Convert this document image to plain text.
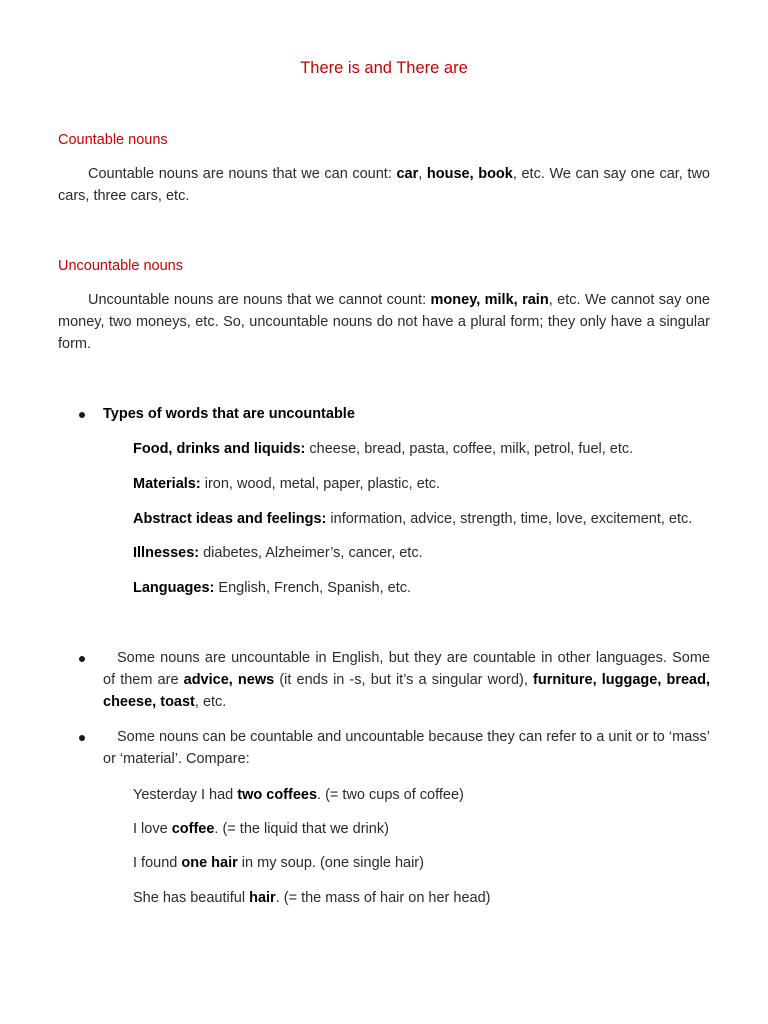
There is and There are
Countable nouns
Countable nouns are nouns that we can count: car, house, book, etc. We can say one car, two cars, three cars, etc.
Uncountable nouns
Uncountable nouns are nouns that we cannot count: money, milk, rain, etc. We cannot say one money, two moneys, etc. So, uncountable nouns do not have a plural form; they only have a singular form.
Types of words that are uncountable
Food, drinks and liquids: cheese, bread, pasta, coffee, milk, petrol, fuel, etc.
Materials: iron, wood, metal, paper, plastic, etc.
Abstract ideas and feelings: information, advice, strength, time, love, excitement, etc.
Illnesses: diabetes, Alzheimer’s, cancer, etc.
Languages: English, French, Spanish, etc.
Some nouns are uncountable in English, but they are countable in other languages. Some of them are advice, news (it ends in -s, but it’s a singular word), furniture, luggage, bread, cheese, toast, etc.
Some nouns can be countable and uncountable because they can refer to a unit or to ‘mass’ or ‘material’. Compare:
Yesterday I had two coffees. (= two cups of coffee)
I love coffee. (= the liquid that we drink)
I found one hair in my soup. (one single hair)
She has beautiful hair. (= the mass of hair on her head)
